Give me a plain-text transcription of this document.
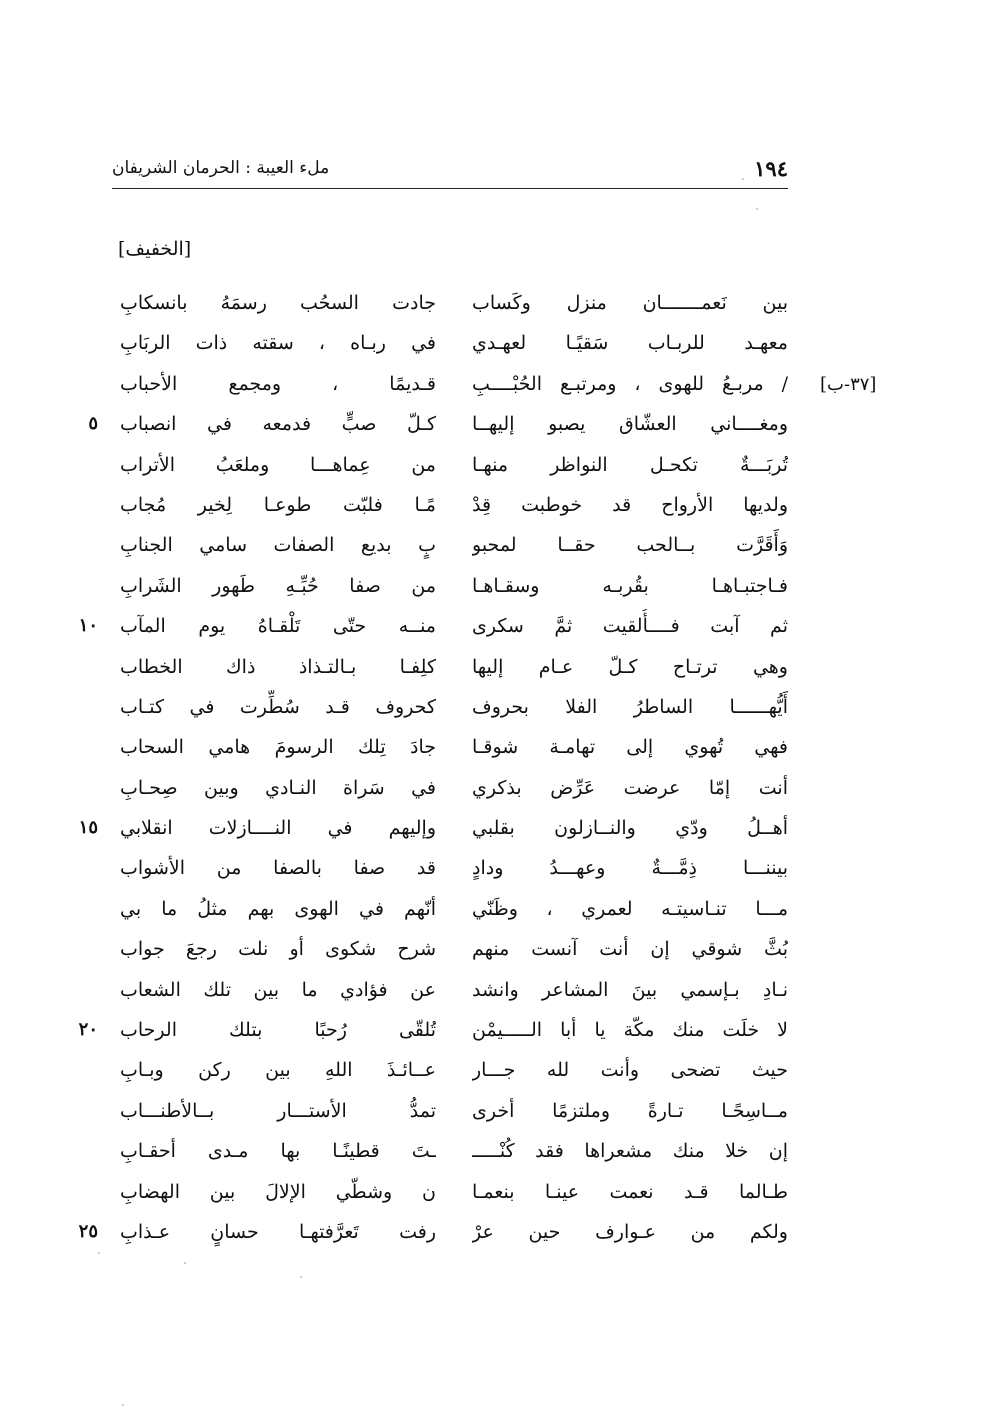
١٩٤
ملء العيبة : الحرمان الشريفان
[الخفيف]
[٣٧-ب]
بين نَعمـــــــان منزل وكَساب
جادت السحُب رسمَهُ بانسكابِ
معهـد للربـاب سَقيًـا لعهـدي
في ربـاه ، سقته ذات الربَابِ
/ مربـعُ للهوى ، ومرتبـع الحُبْــــبِ
قـديمًا ، ومجمع الأحباب
ومغــــاني العشّاق يصبو إليهــا
كـلّ صبٍّ فدمعه في انصباب
٥
تُربَـــةٌ تكحـل النواظر منهـا
من عِماهـــا وملعَبُ الأتراب
ولديها الأرواح قد خوطبت قِدْ
مًـا فلبّت طوعـا لِخير مُجاب
وَأَقَرَّت بــالحب حقــا لمحبو
بٍ بديع الصفات سامي الجنابِ
فـاجتبـاهـا بقُربـه وسقـاهـا
من صفا حُبِّـهِ طَهور الشَرابِ
ثم آبت فــــأُلقيت ثمَّ سكرى
منــه حتّى تَلْقـاهُ يوم المآب
١٠
وهي ترتـاح كـلّ عـام إليها
كلِفـا بـالتـذاذ ذاك الخطاب
أَيُّهــــــا الساطرُ الفلا بحروف
كحروف قـد سُطِّرت في كتـاب
فهي تُهوي إلى تهامـة شوقـا
جادَ تِلك الرسومَ هامي السحاب
أنت إمّا عرضت عَرِّض بذكري
في سَراة النـادي وبين صِحـابِ
أهــلُ ودّي والنــازلون بقلبي
وإليهم في النــــازلات انقلابي
١٥
بيننـــا ذِمَّـــةٌ وعهـــدُ ودادٍ
قد صفا بالصفا من الأشواب
مـــا تنـاسيتـه لعمري ، وظَنّي
أنّهم في الهوى بهم مثلُ ما بي
بُثَّ شوقي إن أنت آنست منهم
شرح شكوى أو نلت رجعَ جواب
نـادِ بـإسمي بينَ المشاعر وانشد
عن فؤادي ما بين تلك الشعاب
لا خلَت منك مكّة يا أبا الـــــيمْن
تُلقّى رُحبًا بتلك الرحاب
٢٠
حيث تضحى وأنت لله جـــار
عــائـذَ اللهِ بين ركن وبـابِ
مــاسِحًـا تـارةً وملتزمًا أخرى
تمدُّ الأستـــار بــالأطنـــاب
إن خلا منك مشعراها فقد كُنْـــــ
ـتَ قطينًـا بها مـدى أحقـابِ
طـالما قـد نعمت عينـا بنعمـا
ن وشطّي الإلالَ بين الهضابِ
ولكم من عـوارف حين عرْ
رفت تَعرَّفتهـا حسانٍ عـذابِ
٢٥
